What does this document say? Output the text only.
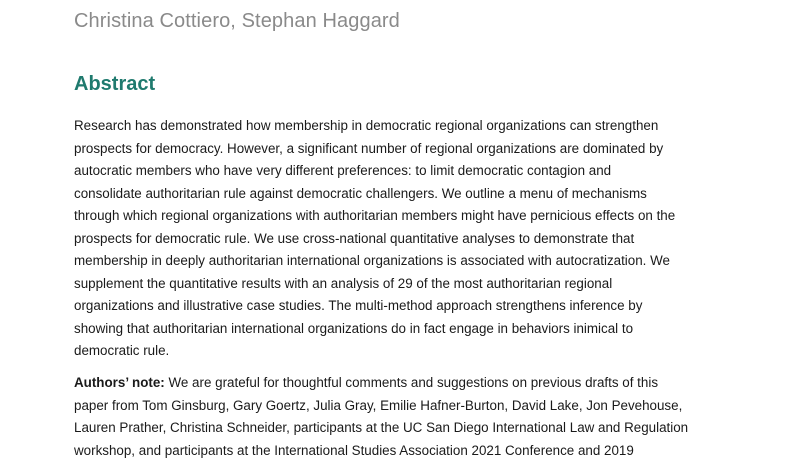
Christina Cottiero, Stephan Haggard
Abstract
Research has demonstrated how membership in democratic regional organizations can strengthen
prospects for democracy. However, a significant number of regional organizations are dominated by
autocratic members who have very different preferences: to limit democratic contagion and
consolidate authoritarian rule against democratic challengers. We outline a menu of mechanisms
through which regional organizations with authoritarian members might have pernicious effects on the
prospects for democratic rule. We use cross-national quantitative analyses to demonstrate that
membership in deeply authoritarian international organizations is associated with autocratization. We
supplement the quantitative results with an analysis of 29 of the most authoritarian regional
organizations and illustrative case studies. The multi-method approach strengthens inference by
showing that authoritarian international organizations do in fact engage in behaviors inimical to
democratic rule.
Authors’ note: We are grateful for thoughtful comments and suggestions on previous drafts of this
paper from Tom Ginsburg, Gary Goertz, Julia Gray, Emilie Hafner-Burton, David Lake, Jon Pevehouse,
Lauren Prather, Christina Schneider, participants at the UC San Diego International Law and Regulation
workshop, and participants at the International Studies Association 2021 Conference and 2019
